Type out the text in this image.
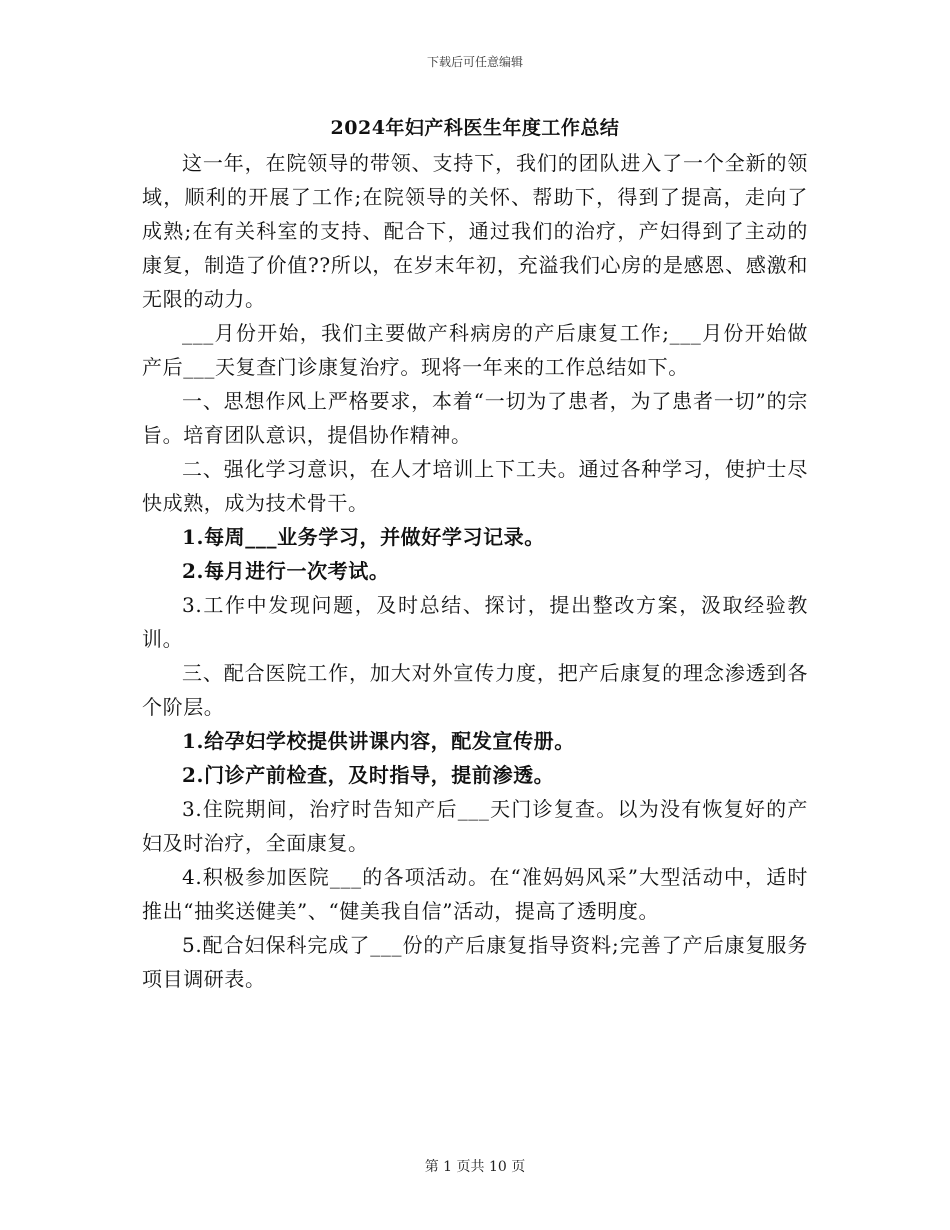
下载后可任意编辑
2024年妇产科医生年度工作总结

这一年，在院领导的带领、支持下，我们的团队进入了一个全新的领域，顺利的开展了工作;在院领导的关怀、帮助下，得到了提高，走向了成熟;在有关科室的支持、配合下，通过我们的治疗，产妇得到了主动的康复，制造了价值??所以，在岁末年初，充溢我们心房的是感恩、感激和无限的动力。

___月份开始，我们主要做产科病房的产后康复工作;___月份开始做产后___天复查门诊康复治疗。现将一年来的工作总结如下。

一、思想作风上严格要求，本着“一切为了患者，为了患者一切”的宗旨。培育团队意识，提倡协作精神。

二、强化学习意识，在人才培训上下工夫。通过各种学习，使护士尽快成熟，成为技术骨干。

1.每周___业务学习，并做好学习记录。

2.每月进行一次考试。

3.工作中发现问题，及时总结、探讨，提出整改方案，汲取经验教训。

三、配合医院工作，加大对外宣传力度，把产后康复的理念渗透到各个阶层。

1.给孕妇学校提供讲课内容，配发宣传册。

2.门诊产前检查，及时指导，提前渗透。

3.住院期间，治疗时告知产后___天门诊复查。以为没有恢复好的产妇及时治疗，全面康复。

4.积极参加医院___的各项活动。在“准妈妈风采”大型活动中，适时推出“抽奖送健美”、“健美我自信”活动，提高了透明度。

5.配合妇保科完成了___份的产后康复指导资料;完善了产后康复服务项目调研表。

第 1 页共 10 页
